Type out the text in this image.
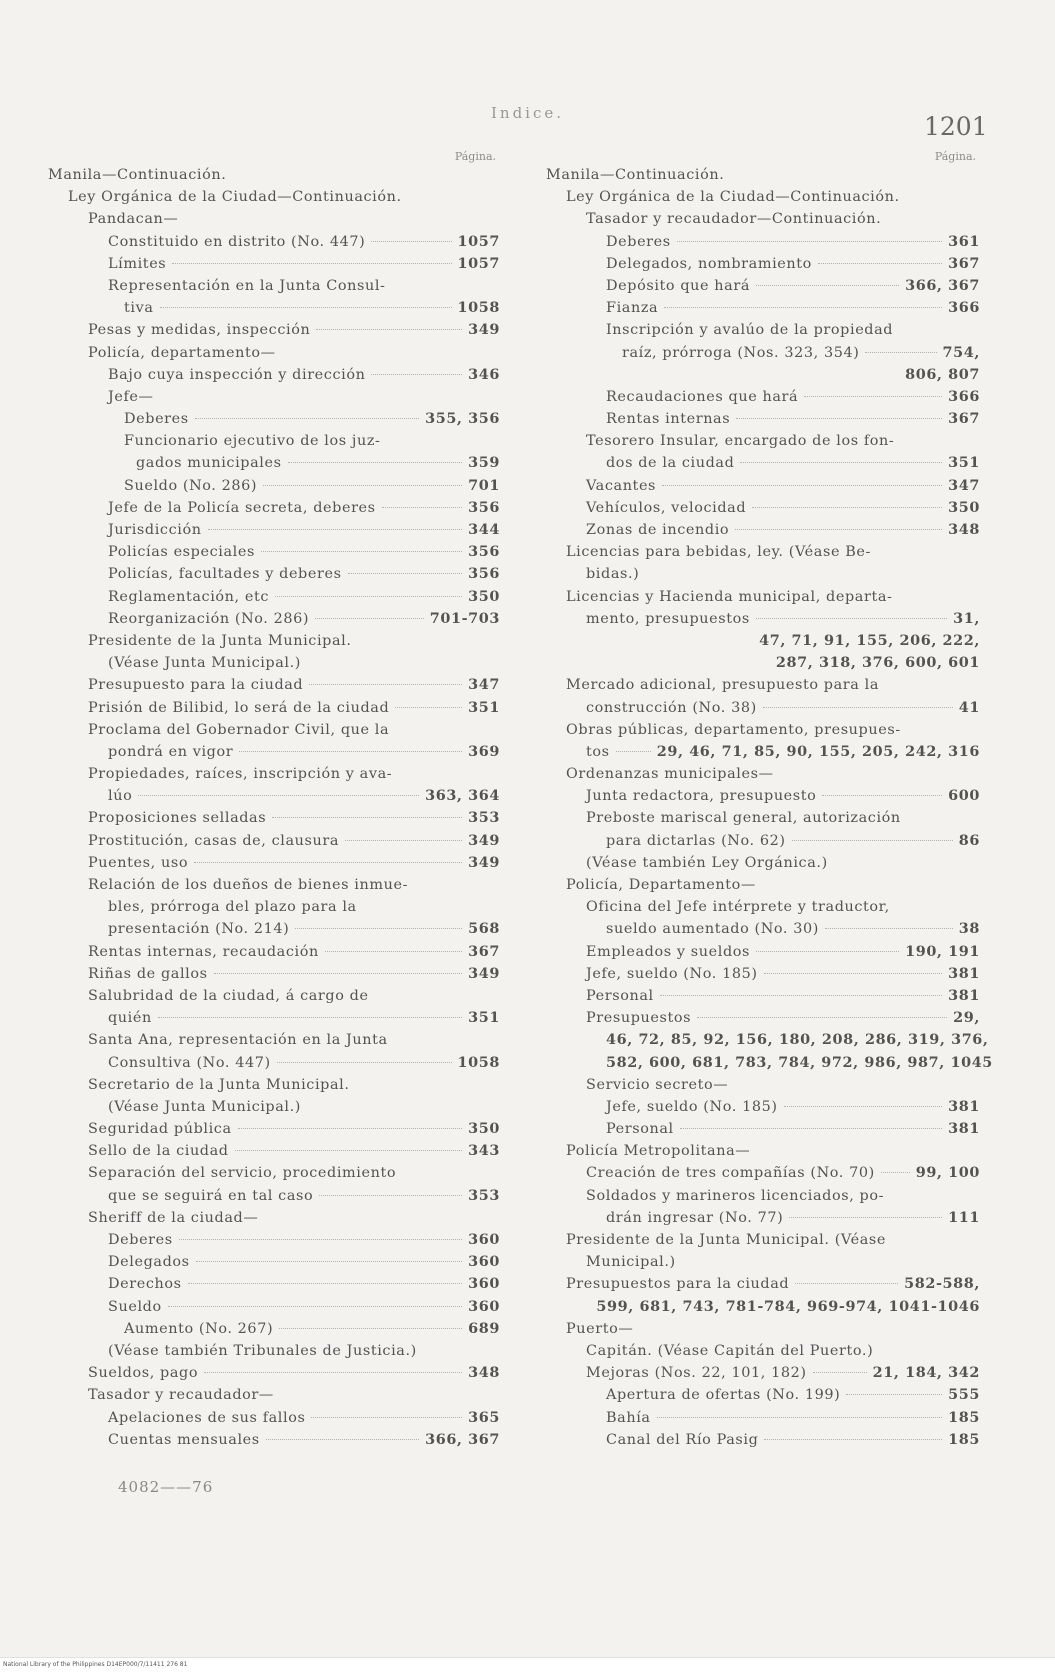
Indice.	1201
Página.
Manila—Continuación.
Ley Orgánica de la Ciudad—Continuación.
Pandacan—
Constituido en distrito (No. 447)	1057
Límites	1057
Representación en la Junta Consul-
tiva	1058
Pesas y medidas, inspección	349
Policía, departamento—
Bajo cuya inspección y dirección	346
Jefe—
Deberes	355, 356
Funcionario ejecutivo de los juz-
gados municipales	359
Sueldo (No. 286)	701
Jefe de la Policía secreta, deberes	356
Jurisdicción	344
Policías especiales	356
Policías, facultades y deberes	356
Reglamentación, etc	350
Reorganización (No. 286)	701-703
Presidente de la Junta Municipal.
(Véase Junta Municipal.)
Presupuesto para la ciudad	347
Prisión de Bilibid, lo será de la ciudad	351
Proclama del Gobernador Civil, que la
pondrá en vigor	369
Propiedades, raíces, inscripción y ava-
lúo	363, 364
Proposiciones selladas	353
Prostitución, casas de, clausura	349
Puentes, uso	349
Relación de los dueños de bienes inmue-
bles, prórroga del plazo para la
presentación (No. 214)	568
Rentas internas, recaudación	367
Riñas de gallos	349
Salubridad de la ciudad, á cargo de
quién	351
Santa Ana, representación en la Junta
Consultiva (No. 447)	1058
Secretario de la Junta Municipal.
(Véase Junta Municipal.)
Seguridad pública	350
Sello de la ciudad	343
Separación del servicio, procedimiento
que se seguirá en tal caso	353
Sheriff de la ciudad—
Deberes	360
Delegados	360
Derechos	360
Sueldo	360
Aumento (No. 267)	689
(Véase también Tribunales de Justicia.)
Sueldos, pago	348
Tasador y recaudador—
Apelaciones de sus fallos	365
Cuentas mensuales	366, 367
Página.
Manila—Continuación.
Ley Orgánica de la Ciudad—Continuación.
Tasador y recaudador—Continuación.
Deberes	361
Delegados, nombramiento	367
Depósito que hará	366, 367
Fianza	366
Inscripción y avalúo de la propiedad
raíz, prórroga (Nos. 323, 354)	754,
806, 807
Recaudaciones que hará	366
Rentas internas	367
Tesorero Insular, encargado de los fon-
dos de la ciudad	351
Vacantes	347
Vehículos, velocidad	350
Zonas de incendio	348
Licencias para bebidas, ley. (Véase Be-
bidas.)
Licencias y Hacienda municipal, departa-
mento, presupuestos	31,
47, 71, 91, 155, 206, 222,
287, 318, 376, 600, 601
Mercado adicional, presupuesto para la
construcción (No. 38)	41
Obras públicas, departamento, presupues-
tos	29, 46, 71, 85, 90, 155, 205, 242, 316
Ordenanzas municipales—
Junta redactora, presupuesto	600
Preboste mariscal general, autorización
para dictarlas (No. 62)	86
(Véase también Ley Orgánica.)
Policía, Departamento—
Oficina del Jefe intérprete y traductor,
sueldo aumentado (No. 30)	38
Empleados y sueldos	190, 191
Jefe, sueldo (No. 185)	381
Personal	381
Presupuestos	29,
46, 72, 85, 92, 156, 180, 208, 286, 319, 376,
582, 600, 681, 783, 784, 972, 986, 987, 1045
Servicio secreto—
Jefe, sueldo (No. 185)	381
Personal	381
Policía Metropolitana—
Creación de tres compañías (No. 70)	99, 100
Soldados y marineros licenciados, po-
drán ingresar (No. 77)	111
Presidente de la Junta Municipal. (Véase
Municipal.)
Presupuestos para la ciudad	582-588,
599, 681, 743, 781-784, 969-974, 1041-1046
Puerto—
Capitán. (Véase Capitán del Puerto.)
Mejoras (Nos. 22, 101, 182)	21, 184, 342
Apertura de ofertas (No. 199)	555
Bahía	185
Canal del Río Pasig	185
4082——76
National Library of the Philippines D14EP000/7/11411 276 81
